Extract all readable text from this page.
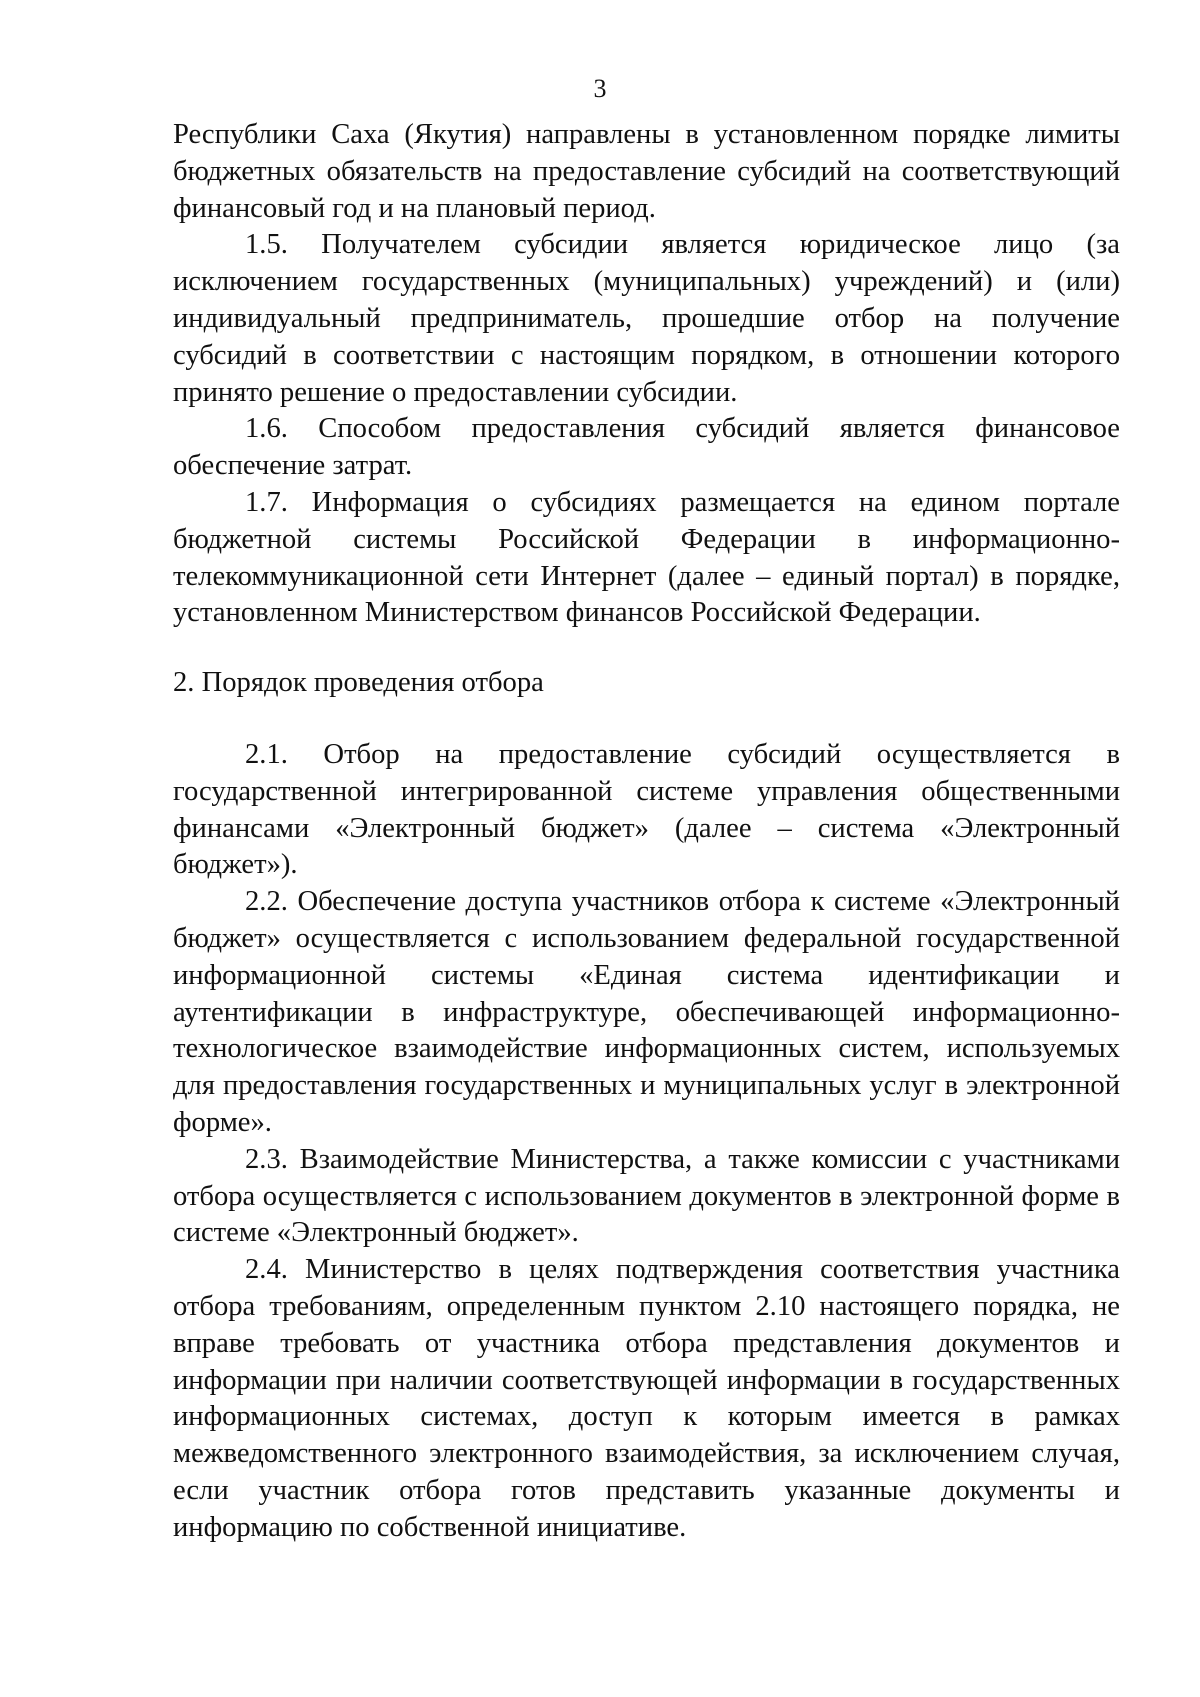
3

Республики Саха (Якутия) направлены в установленном порядке лимиты бюджетных обязательств на предоставление субсидий на соответствующий финансовый год и на плановый период.

1.5. Получателем субсидии является юридическое лицо (за исключением государственных (муниципальных) учреждений) и (или) индивидуальный предприниматель, прошедшие отбор на получение субсидий в соответствии с настоящим порядком, в отношении которого принято решение о предоставлении субсидии.

1.6. Способом предоставления субсидий является финансовое обеспечение затрат.

1.7. Информация о субсидиях размещается на едином портале бюджетной системы Российской Федерации в информационно-телекоммуникационной сети Интернет (далее – единый портал) в порядке, установленном Министерством финансов Российской Федерации.

2. Порядок проведения отбора

2.1. Отбор на предоставление субсидий осуществляется в государственной интегрированной системе управления общественными финансами «Электронный бюджет» (далее – система «Электронный бюджет»).

2.2. Обеспечение доступа участников отбора к системе «Электронный бюджет» осуществляется с использованием федеральной государственной информационной системы «Единая система идентификации и аутентификации в инфраструктуре, обеспечивающей информационно-технологическое взаимодействие информационных систем, используемых для предоставления государственных и муниципальных услуг в электронной форме».

2.3. Взаимодействие Министерства, а также комиссии с участниками отбора осуществляется с использованием документов в электронной форме в системе «Электронный бюджет».

2.4. Министерство в целях подтверждения соответствия участника отбора требованиям, определенным пунктом 2.10 настоящего порядка, не вправе требовать от участника отбора представления документов и информации при наличии соответствующей информации в государственных информационных системах, доступ к которым имеется в рамках межведомственного электронного взаимодействия, за исключением случая, если участник отбора готов представить указанные документы и информацию по собственной инициативе.
